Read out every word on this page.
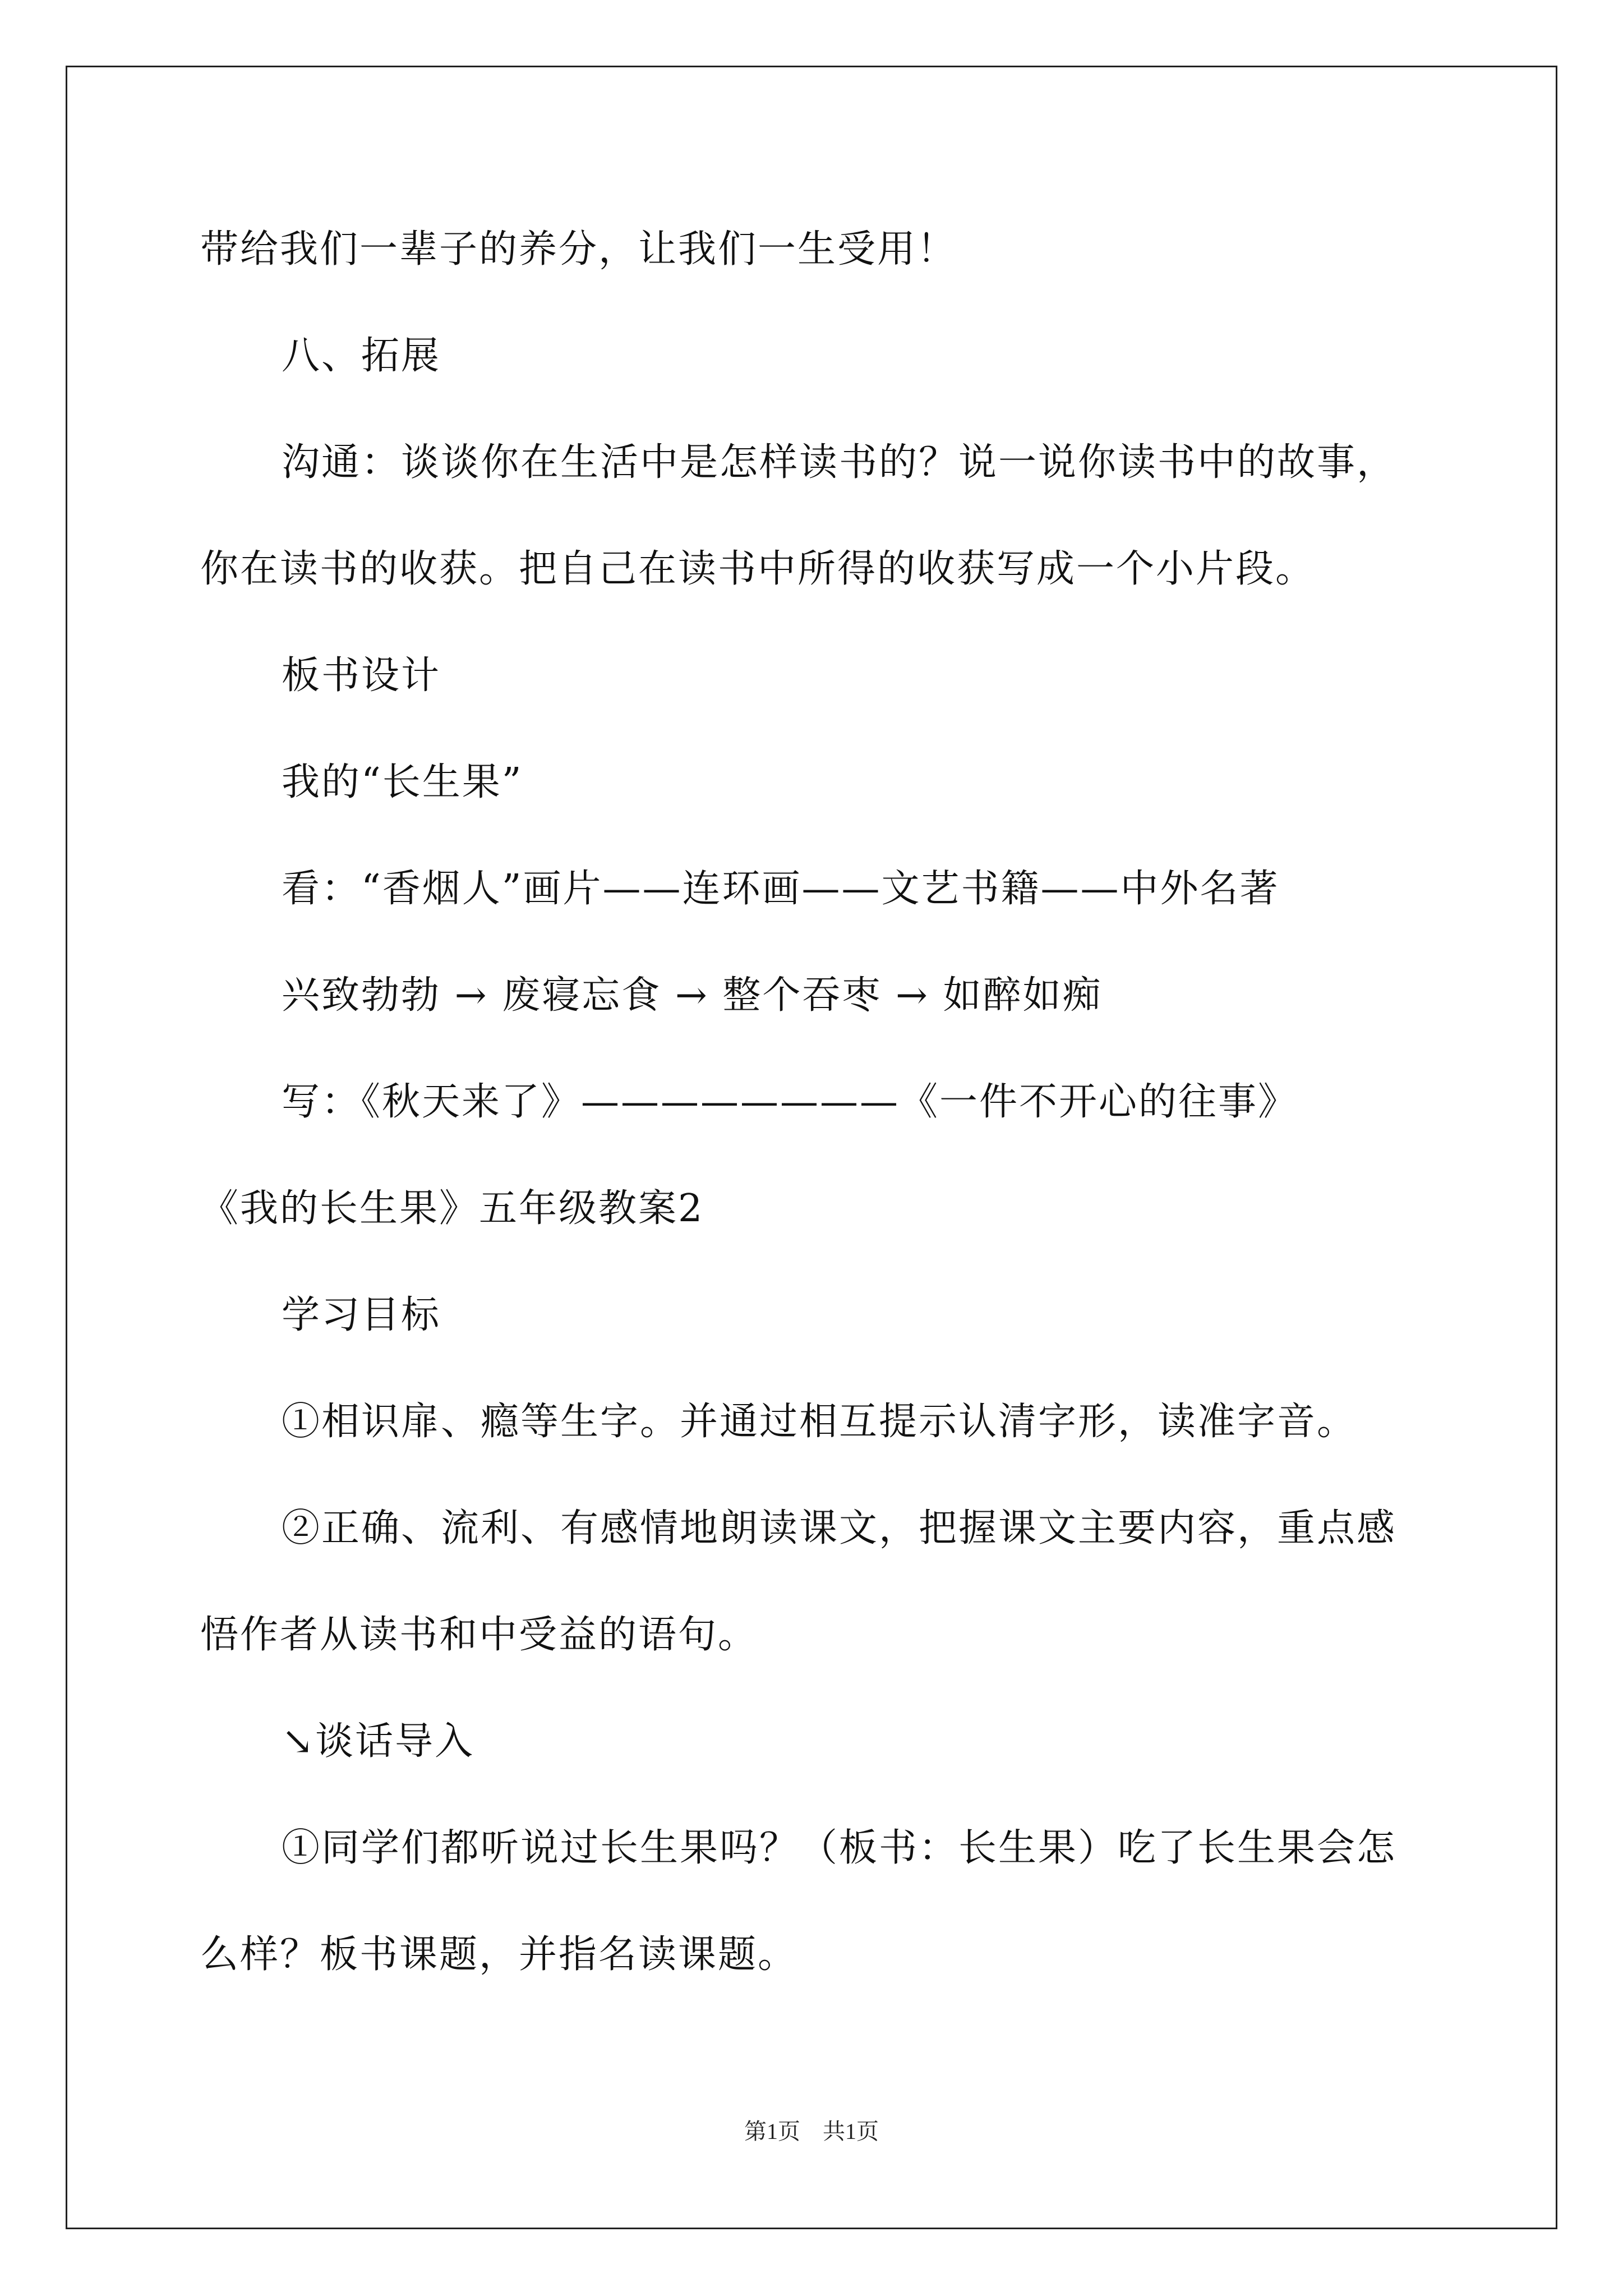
带给我们一辈子的养分，让我们一生受用！
八、拓展
沟通：谈谈你在生活中是怎样读书的？说一说你读书中的故事，
你在读书的收获。把自己在读书中所得的收获写成一个小片段。
板书设计
我的“长生果”
看：“香烟人”画片——连环画——文艺书籍——中外名著
兴致勃勃 → 废寝忘食 → 整个吞枣 → 如醉如痴
写：《秋天来了》————————《一件不开心的往事》
《我的长生果》五年级教案2
学习目标
①相识扉、瘾等生字。并通过相互提示认清字形，读准字音。
②正确、流利、有感情地朗读课文，把握课文主要内容，重点感
悟作者从读书和中受益的语句。
↘谈话导入
①同学们都听说过长生果吗？（板书：长生果）吃了长生果会怎
么样？板书课题，并指名读课题。
第1页　共1页
